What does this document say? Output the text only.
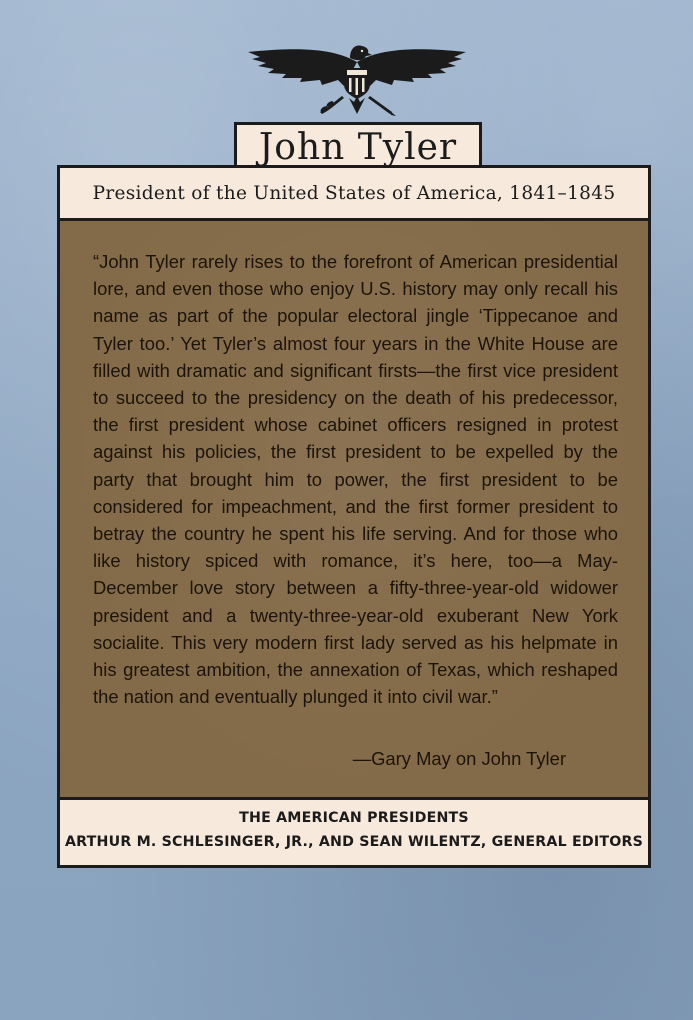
John Tyler
President of the United States of America, 1841–1845

“John Tyler rarely rises to the forefront of American presidential lore, and even those who enjoy U.S. history may only recall his name as part of the popular electoral jingle ‘Tippecanoe and Tyler too.’ Yet Tyler’s almost four years in the White House are filled with dramatic and significant firsts—the first vice president to succeed to the presidency on the death of his predecessor, the first president whose cabinet officers resigned in protest against his policies, the first president to be expelled by the party that brought him to power, the first president to be considered for impeachment, and the first former president to betray the country he spent his life serving. And for those who like history spiced with romance, it’s here, too—a May-December love story between a fifty-three-year-old widower president and a twenty-three-year-old exuberant New York socialite. This very modern first lady served as his helpmate in his greatest ambition, the annexation of Texas, which reshaped the nation and eventually plunged it into civil war.”

—Gary May on John Tyler
THE AMERICAN PRESIDENTS
ARTHUR M. SCHLESINGER, JR., AND SEAN WILENTZ, GENERAL EDITORS
